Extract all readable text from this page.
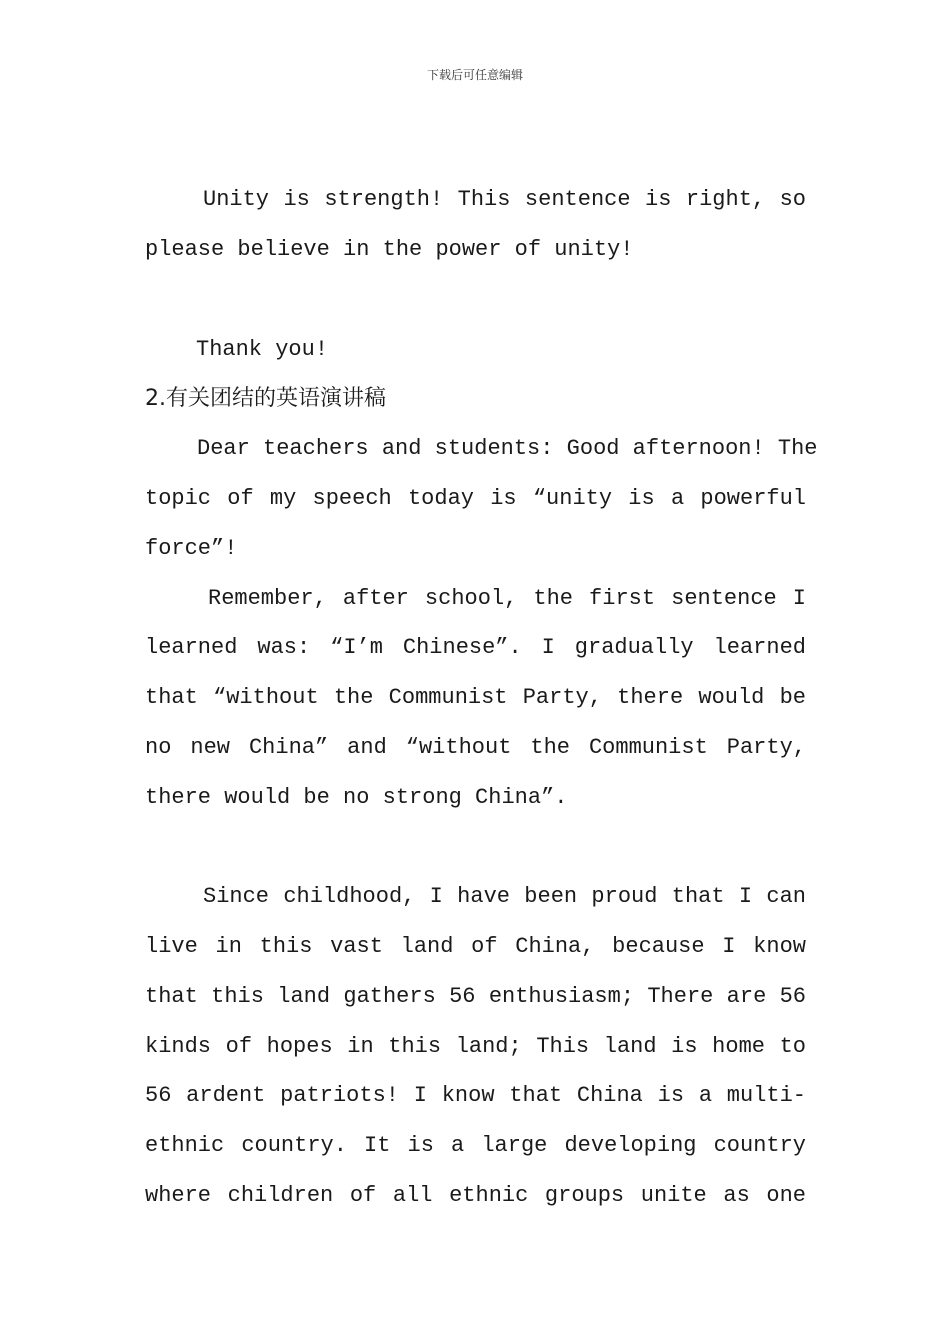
下载后可任意编辑
Unity is strength! This sentence is right, so
please believe in the power of unity!
Thank you!
2.有关团结的英语演讲稿
Dear teachers and students: Good afternoon! The
topic of my speech today is “unity is a powerful
force”!
Remember, after school, the first sentence I
learned was: “I’m Chinese”. I gradually learned
that “without the Communist Party, there would be
no new China” and “without the Communist Party,
there would be no strong China”.
Since childhood, I have been proud that I can
live in this vast land of China, because I know
that this land gathers 56 enthusiasm; There are 56
kinds of hopes in this land; This land is home to
56 ardent patriots! I know that China is a multi-
ethnic country. It is a large developing country
where children of all ethnic groups unite as one
